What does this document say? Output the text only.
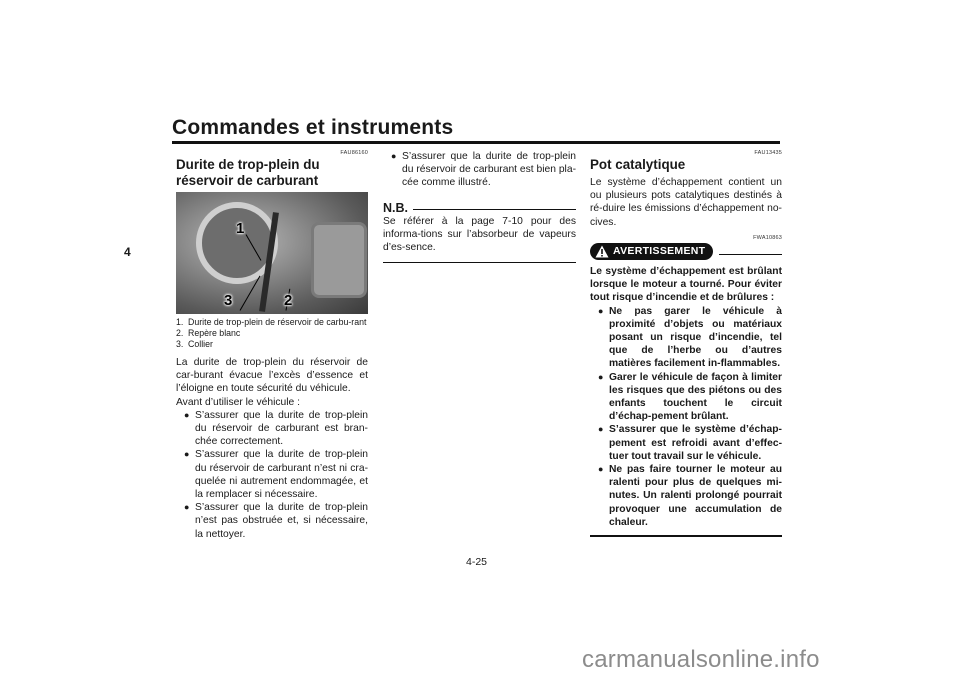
Commandes et instruments
4
FAU86160
Durite de trop-plein du réservoir de carburant
1
2
3
1. Durite de trop-plein de réservoir de carbu-rant
2. Repère blanc
3. Collier

La durite de trop-plein du réservoir de car-burant évacue l’excès d’essence et l’éloigne en toute sécurité du véhicule.

Avant d’utiliser le véhicule :

● S’assurer que la durite de trop-plein du réservoir de carburant est bran-chée correctement.
● S’assurer que la durite de trop-plein du réservoir de carburant n’est ni cra-quelée ni autrement endommagée, et la remplacer si nécessaire.
● S’assurer que la durite de trop-plein n’est pas obstruée et, si nécessaire, la nettoyer.
● S’assurer que la durite de trop-plein du réservoir de carburant est bien pla-cée comme illustré.
N.B.

Se référer à la page 7-10 pour des informa-tions sur l’absorbeur de vapeurs d’es-sence.

FAU13435
Pot catalytique

Le système d’échappement contient un ou plusieurs pots catalytiques destinés à ré-duire les émissions d’échappement no-cives.

FWA10863
AVERTISSEMENT

Le système d’échappement est brûlant lorsque le moteur a tourné. Pour éviter tout risque d’incendie et de brûlures :

● Ne pas garer le véhicule à proximité d’objets ou matériaux posant un risque d’incendie, tel que de l’herbe ou d’autres matières facilement in-flammables.
● Garer le véhicule de façon à limiter les risques que des piétons ou des enfants touchent le circuit d’échap-pement brûlant.
● S’assurer que le système d’échap-pement est refroidi avant d’effec-tuer tout travail sur le véhicule.
● Ne pas faire tourner le moteur au ralenti pour plus de quelques mi-nutes. Un ralenti prolongé pourrait provoquer une accumulation de chaleur.
4-25
carmanualsonline.info
